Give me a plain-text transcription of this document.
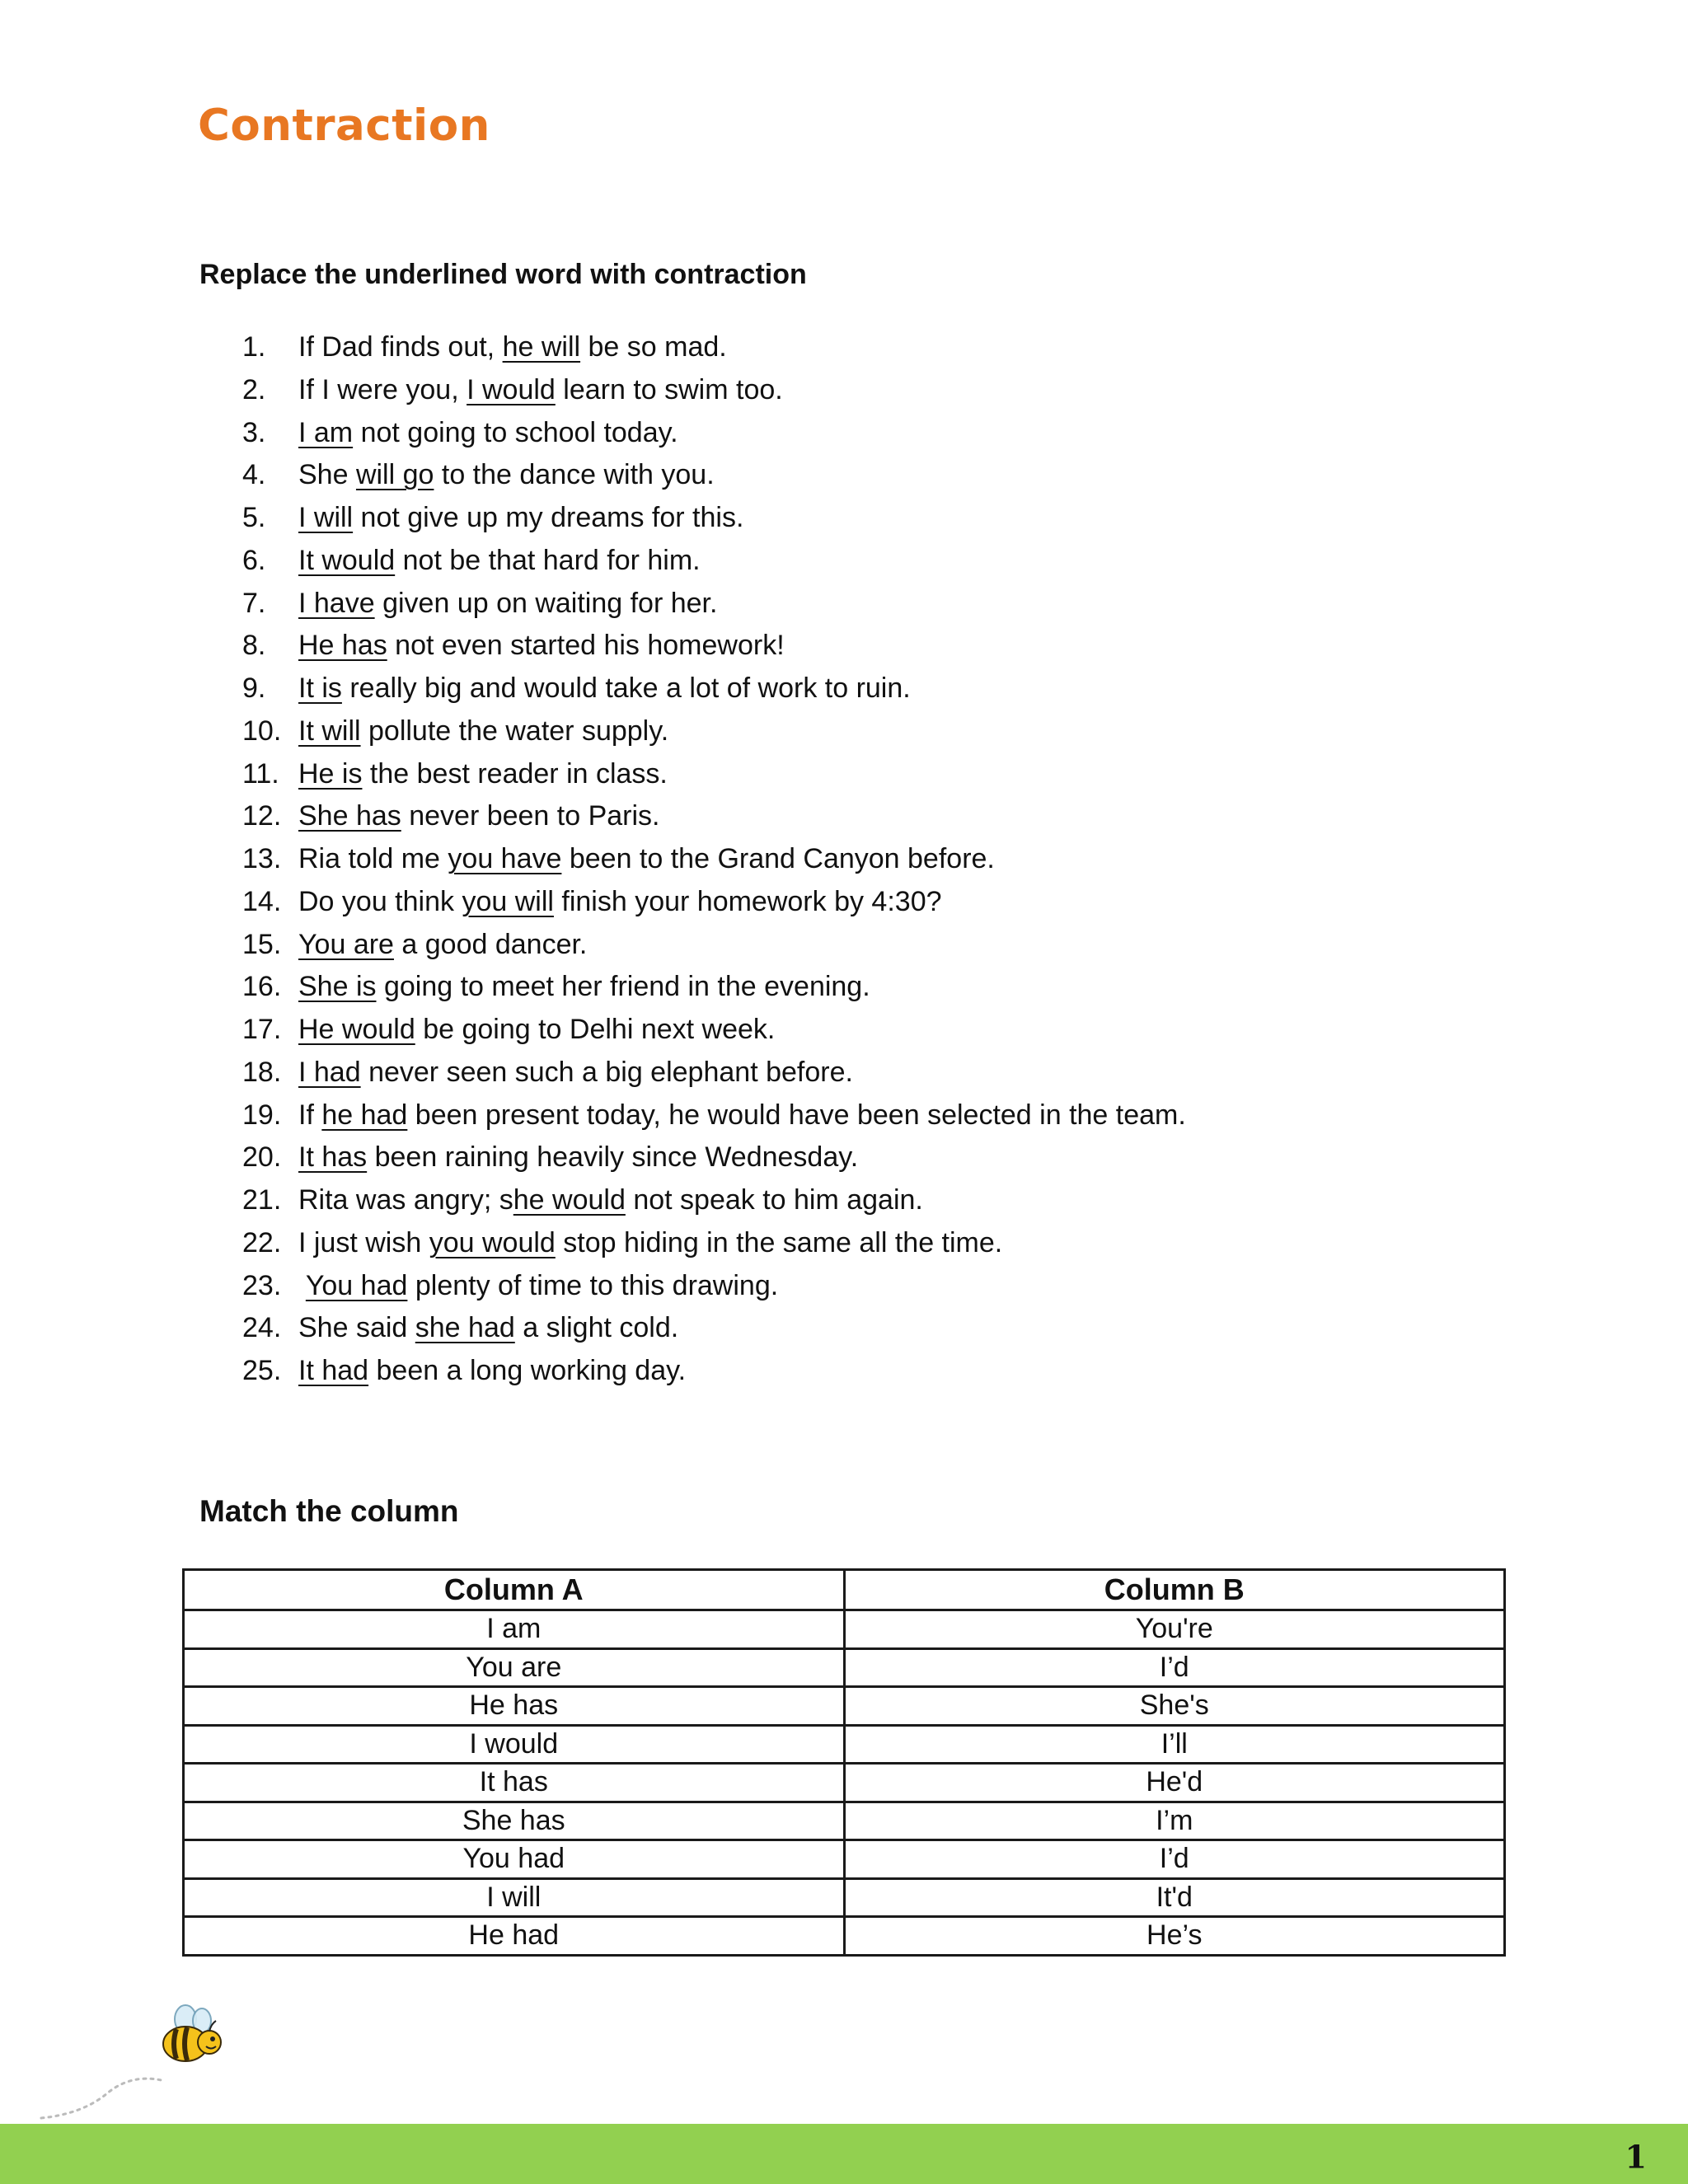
Contraction

Replace the underlined word with contraction

1.	If Dad finds out, he will be so mad.
2.	If I were you, I would learn to swim too.
3.	I am not going to school today.
4.	She will go to the dance with you.
5.	I will not give up my dreams for this.
6.	It would not be that hard for him.
7.	I have given up on waiting for her.
8.	He has not even started his homework!
9.	It is really big and would take a lot of work to ruin.
10. It will pollute the water supply.
11. He is the best reader in class.
12. She has never been to Paris.
13. Ria told me you have been to the Grand Canyon before.
14. Do you think you will finish your homework by 4:30?
15. You are a good dancer.
16. She is going to meet her friend in the evening.
17. He would be going to Delhi next week.
18. I had never seen such a big elephant before.
19. If he had been present today, he would have been selected in the team.
20. It has been raining heavily since Wednesday.
21. Rita was angry; she would not speak to him again.
22. I just wish you would stop hiding in the same all the time.
23. You had plenty of time to this drawing.
24. She said she had a slight cold.
25. It had been a long working day.

Match the column

Column A	Column B
I am	You're
You are	I’d
He has	She's
I would	I’ll
It has	He'd
She has	I’m
You had	I’d
I will	It'd
He had	He’s
1
